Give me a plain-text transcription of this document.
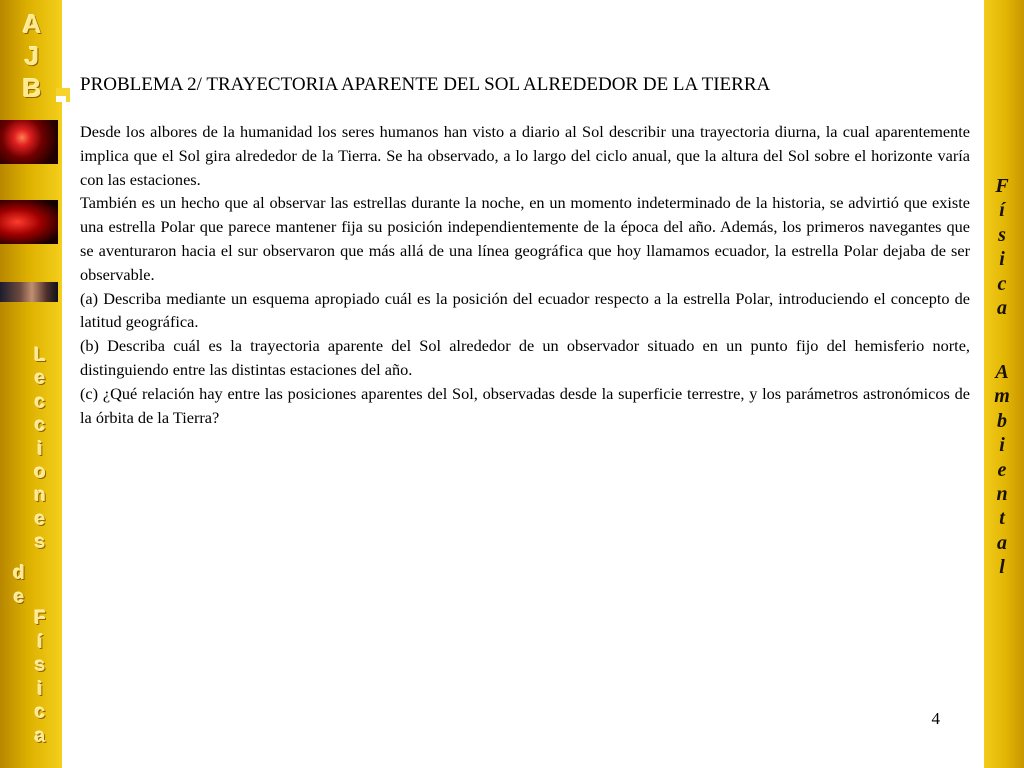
A
J
B
L
e
c
c
i
o
n
e
s
d
e
F
í
s
i
c
a
F
í
s
i
c
a
A
m
b
i
e
n
t
a
l
PROBLEMA 2/ TRAYECTORIA APARENTE DEL SOL ALREDEDOR DE LA TIERRA

Desde los albores de la humanidad los seres humanos han visto a diario al Sol describir una trayectoria diurna, la cual aparentemente implica que el Sol gira alrededor de la Tierra. Se ha observado, a lo largo del ciclo anual, que la altura del Sol sobre el horizonte varía con las estaciones.

También es un hecho que al observar las estrellas durante la noche, en un momento indeterminado de la historia, se advirtió que existe una estrella Polar que parece mantener fija su posición independientemente de la época del año. Además, los primeros navegantes que se aventuraron hacia el sur observaron que más allá de una línea geográfica que hoy llamamos ecuador, la estrella Polar dejaba de ser observable.

(a) Describa mediante un esquema apropiado cuál es la posición del ecuador respecto a la estrella Polar, introduciendo el concepto de latitud geográfica.

(b) Describa cuál es la trayectoria aparente del Sol alrededor de un observador situado en un punto fijo del hemisferio norte, distinguiendo entre las distintas estaciones del año.

(c) ¿Qué relación hay entre las posiciones aparentes del Sol, observadas desde la superficie terrestre, y los parámetros astronómicos de la órbita de la Tierra?

4
